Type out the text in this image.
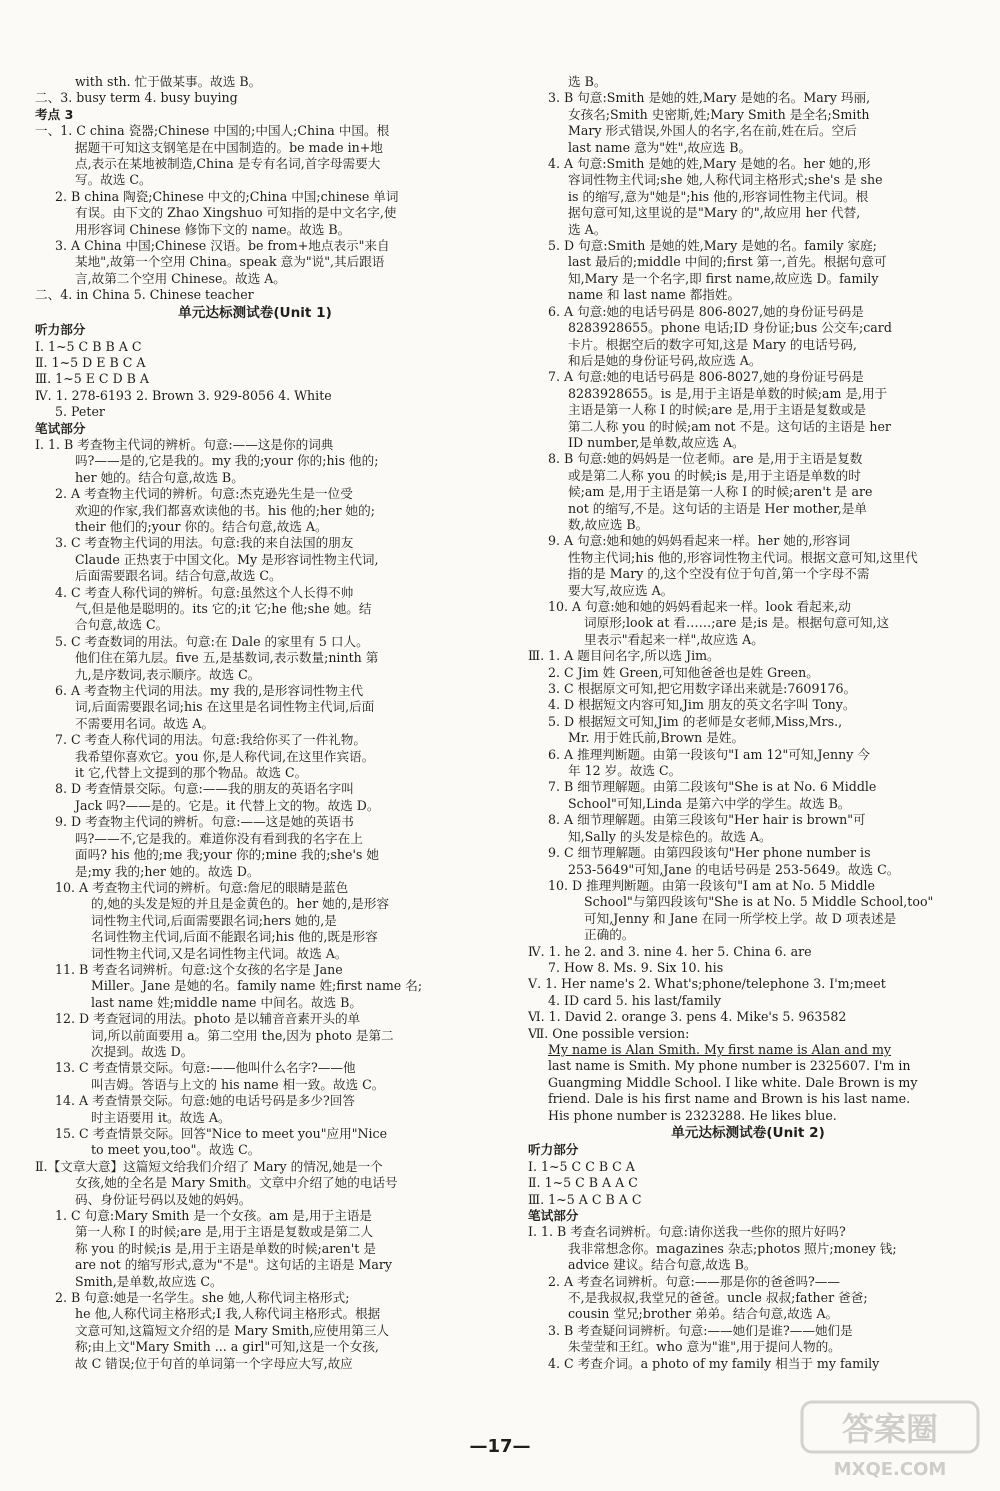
with sth. 忙于做某事。故选 B。

二、3. busy term 4. busy buying

考点 3

一、1. C china 瓷器;Chinese 中国的;中国人;China 中国。根

据题干可知这支钢笔是在中国制造的。be made in+地

点,表示在某地被制造,China 是专有名词,首字母需要大

写。故选 C。

2. B china 陶瓷;Chinese 中文的;China 中国;chinese 单词

有误。由下文的 Zhao Xingshuo 可知指的是中文名字,使

用形容词 Chinese 修饰下文的 name。故选 B。

3. A China 中国;Chinese 汉语。be from+地点表示"来自

某地",故第一个空用 China。speak 意为"说",其后跟语

言,故第二个空用 Chinese。故选 A。

二、4. in China 5. Chinese teacher

单元达标测试卷(Unit 1)

听力部分

Ⅰ. 1~5 C B B A C

Ⅱ. 1~5 D E B C A

Ⅲ. 1~5 E C D B A

Ⅳ. 1. 278-6193 2. Brown 3. 929-8056 4. White

5. Peter

笔试部分

Ⅰ. 1. B 考查物主代词的辨析。句意:——这是你的词典

吗?——是的,它是我的。my 我的;your 你的;his 他的;

her 她的。结合句意,故选 B。

2. A 考查物主代词的辨析。句意:杰克逊先生是一位受

欢迎的作家,我们都喜欢读他的书。his 他的;her 她的;

their 他们的;your 你的。结合句意,故选 A。

3. C 考查物主代词的用法。句意:我的来自法国的朋友

Claude 正热衷于中国文化。My 是形容词性物主代词,

后面需要跟名词。结合句意,故选 C。

4. C 考查人称代词的辨析。句意:虽然这个人长得不帅

气,但是他是聪明的。its 它的;it 它;he 他;she 她。结

合句意,故选 C。

5. C 考查数词的用法。句意:在 Dale 的家里有 5 口人。

他们住在第九层。five 五,是基数词,表示数量;ninth 第

九,是序数词,表示顺序。故选 C。

6. A 考查物主代词的用法。my 我的,是形容词性物主代

词,后面需要跟名词;his 在这里是名词性物主代词,后面

不需要用名词。故选 A。

7. C 考查人称代词的用法。句意:我给你买了一件礼物。

我希望你喜欢它。you 你,是人称代词,在这里作宾语。

it 它,代替上文提到的那个物品。故选 C。

8. D 考查情景交际。句意:——我的朋友的英语名字叫

Jack 吗?——是的。它是。it 代替上文的物。故选 D。

9. D 考查物主代词的辨析。句意:——这是她的英语书

吗?——不,它是我的。难道你没有看到我的名字在上

面吗? his 他的;me 我;your 你的;mine 我的;she's 她

是;my 我的;her 她的。故选 D。

10. A 考查物主代词的辨析。句意:詹尼的眼睛是蓝色

的,她的头发是短的并且是金黄色的。her 她的,是形容

词性物主代词,后面需要跟名词;hers 她的,是

名词性物主代词,后面不能跟名词;his 他的,既是形容

词性物主代词,又是名词性物主代词。故选 A。

11. B 考查名词辨析。句意:这个女孩的名字是 Jane

Miller。Jane 是她的名。family name 姓;first name 名;

last name 姓;middle name 中间名。故选 B。

12. D 考查冠词的用法。photo 是以辅音音素开头的单

词,所以前面要用 a。第二空用 the,因为 photo 是第二

次提到。故选 D。

13. C 考查情景交际。句意:——他叫什么名字?——他

叫吉姆。答语与上文的 his name 相一致。故选 C。

14. A 考查情景交际。句意:她的电话号码是多少?回答

时主语要用 it。故选 A。

15. C 考查情景交际。回答"Nice to meet you"应用"Nice

to meet you,too"。故选 C。

Ⅱ.【文章大意】这篇短文给我们介绍了 Mary 的情况,她是一个

女孩,她的全名是 Mary Smith。文章中介绍了她的电话号

码、身份证号码以及她的妈妈。

1. C 句意:Mary Smith 是一个女孩。am 是,用于主语是

第一人称 I 的时候;are 是,用于主语是复数或是第二人

称 you 的时候;is 是,用于主语是单数的时候;aren't 是

are not 的缩写形式,意为"不是"。这句话的主语是 Mary

Smith,是单数,故应选 C。

2. B 句意:她是一名学生。she 她,人称代词主格形式;

he 他,人称代词主格形式;I 我,人称代词主格形式。根据

文意可知,这篇短文介绍的是 Mary Smith,应使用第三人

称;由上文"Mary Smith ... a girl"可知,这是一个女孩,

故 C 错误;位于句首的单词第一个字母应大写,故应

选 B。

3. B 句意:Smith 是她的姓,Mary 是她的名。Mary 玛丽,

女孩名;Smith 史密斯,姓;Mary Smith 是全名;Smith

Mary 形式错误,外国人的名字,名在前,姓在后。空后

last name 意为"姓",故应选 B。

4. A 句意:Smith 是她的姓,Mary 是她的名。her 她的,形

容词性物主代词;she 她,人称代词主格形式;she's 是 she

is 的缩写,意为"她是";his 他的,形容词性物主代词。根

据句意可知,这里说的是"Mary 的",故应用 her 代替,

选 A。

5. D 句意:Smith 是她的姓,Mary 是她的名。family 家庭;

last 最后的;middle 中间的;first 第一,首先。根据句意可

知,Mary 是一个名字,即 first name,故应选 D。family

name 和 last name 都指姓。

6. A 句意:她的电话号码是 806-8027,她的身份证号码是

8283928655。phone 电话;ID 身份证;bus 公交车;card

卡片。根据空后的数字可知,这是 Mary 的电话号码,

和后是她的身份证号码,故应选 A。

7. A 句意:她的电话号码是 806-8027,她的身份证号码是

8283928655。is 是,用于主语是单数的时候;am 是,用于

主语是第一人称 I 的时候;are 是,用于主语是复数或是

第二人称 you 的时候;am not 不是。这句话的主语是 her

ID number,是单数,故应选 A。

8. B 句意:她的妈妈是一位老师。are 是,用于主语是复数

或是第二人称 you 的时候;is 是,用于主语是单数的时

候;am 是,用于主语是第一人称 I 的时候;aren't 是 are

not 的缩写,不是。这句话的主语是 Her mother,是单

数,故应选 B。

9. A 句意:她和她的妈妈看起来一样。her 她的,形容词

性物主代词;his 他的,形容词性物主代词。根据文意可知,这里代

指的是 Mary 的,这个空没有位于句首,第一个字母不需

要大写,故应选 A。

10. A 句意:她和她的妈妈看起来一样。look 看起来,动

词原形;look at 看……;are 是;is 是。根据句意可知,这

里表示"看起来一样",故应选 A。

Ⅲ. 1. A 题目问名字,所以选 Jim。

2. C Jim 姓 Green,可知他爸爸也是姓 Green。

3. C 根据原文可知,把它用数字译出来就是:7609176。

4. D 根据短文内容可知,Jim 朋友的英文名字叫 Tony。

5. D 根据短文可知,Jim 的老师是女老师,Miss,Mrs.,

Mr. 用于姓氏前,Brown 是姓。

6. A 推理判断题。由第一段该句"I am 12"可知,Jenny 今

年 12 岁。故选 C。

7. B 细节理解题。由第二段该句"She is at No. 6 Middle

School"可知,Linda 是第六中学的学生。故选 B。

8. A 细节理解题。由第三段该句"Her hair is brown"可

知,Sally 的头发是棕色的。故选 A。

9. C 细节理解题。由第四段该句"Her phone number is

253-5649"可知,Jane 的电话号码是 253-5649。故选 C。

10. D 推理判断题。由第一段该句"I am at No. 5 Middle

School"与第四段该句"She is at No. 5 Middle School,too"

可知,Jenny 和 Jane 在同一所学校上学。故 D 项表述是

正确的。

Ⅳ. 1. he 2. and 3. nine 4. her 5. China 6. are

7. How 8. Ms. 9. Six 10. his

Ⅴ. 1. Her name's 2. What's;phone/telephone 3. I'm;meet

4. ID card 5. his last/family

Ⅵ. 1. David 2. orange 3. pens 4. Mike's 5. 963582

Ⅶ. One possible version:

My name is Alan Smith. My first name is Alan and my

last name is Smith. My phone number is 2325607. I'm in

Guangming Middle School. I like white. Dale Brown is my

friend. Dale is his first name and Brown is his last name.

His phone number is 2323288. He likes blue.

单元达标测试卷(Unit 2)

听力部分

Ⅰ. 1~5 C C B C A

Ⅱ. 1~5 C B A A C

Ⅲ. 1~5 A C B A C

笔试部分

Ⅰ. 1. B 考查名词辨析。句意:请你送我一些你的照片好吗?

我非常想念你。magazines 杂志;photos 照片;money 钱;

advice 建议。结合句意,故选 B。

2. A 考查名词辨析。句意:——那是你的爸爸吗?——

不,是我叔叔,我堂兄的爸爸。uncle 叔叔;father 爸爸;

cousin 堂兄;brother 弟弟。结合句意,故选 A。

3. B 考查疑问词辨析。句意:——她们是谁?——她们是

朱莹莹和王红。who 意为"谁",用于提问人物的。

4. C 考查介词。a photo of my family 相当于 my family

—17—	答案圈
MXQE.COM
